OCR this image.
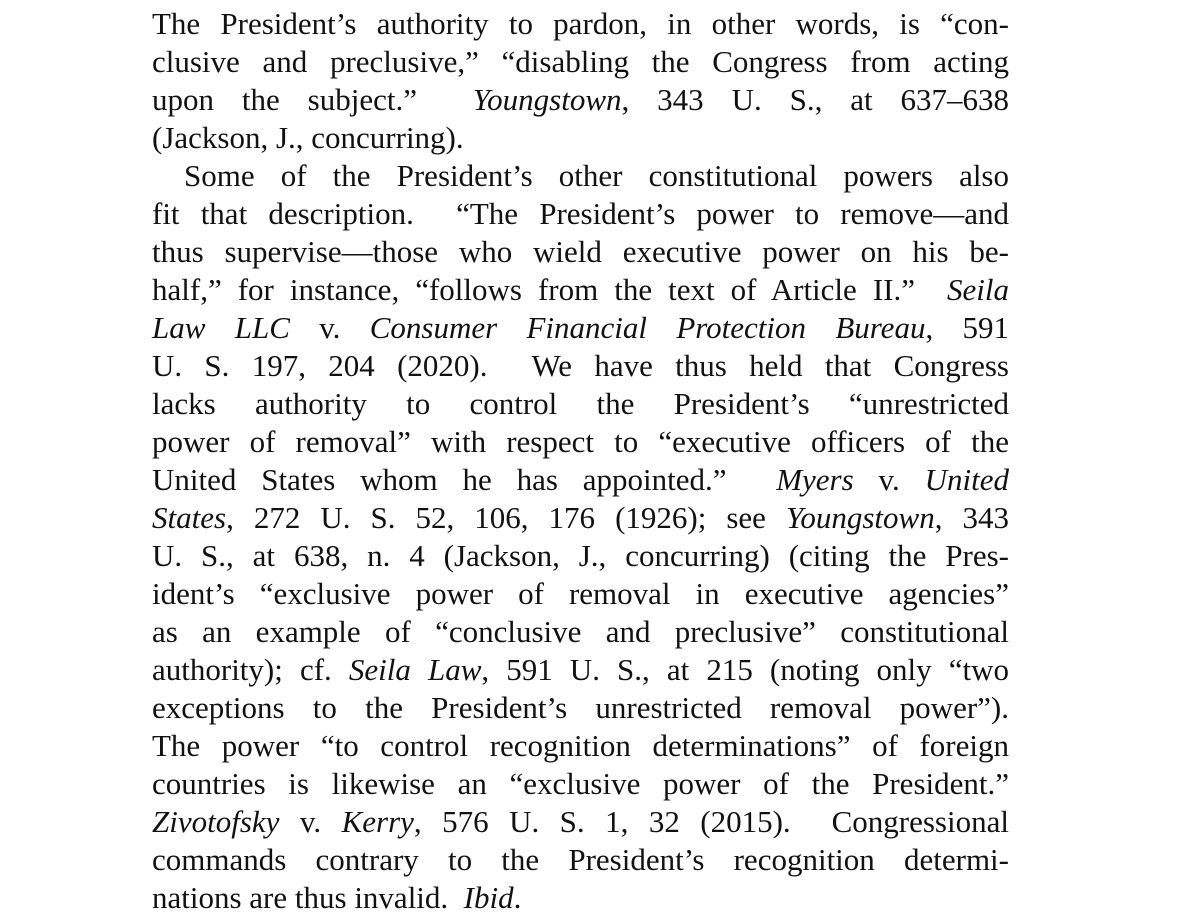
The President’s authority to pardon, in other words, is “con-
clusive and preclusive,” “disabling the Congress from acting
upon the subject.”  Youngstown, 343 U. S., at 637–638
(Jackson, J., concurring).
Some of the President’s other constitutional powers also
fit that description.  “The President’s power to remove—and
thus supervise—those who wield executive power on his be-
half,” for instance, “follows from the text of Article II.”  Seila
Law LLC v. Consumer Financial Protection Bureau, 591
U. S. 197, 204 (2020).  We have thus held that Congress
lacks authority to control the President’s “unrestricted
power of removal” with respect to “executive officers of the
United States whom he has appointed.”  Myers v. United
States, 272 U. S. 52, 106, 176 (1926); see Youngstown, 343
U. S., at 638, n. 4 (Jackson, J., concurring) (citing the Pres-
ident’s “exclusive power of removal in executive agencies”
as an example of “conclusive and preclusive” constitutional
authority); cf. Seila Law, 591 U. S., at 215 (noting only “two
exceptions to the President’s unrestricted removal power”).
The power “to control recognition determinations” of foreign
countries is likewise an “exclusive power of the President.”
Zivotofsky v. Kerry, 576 U. S. 1, 32 (2015).  Congressional
commands contrary to the President’s recognition determi-
nations are thus invalid.  Ibid.
